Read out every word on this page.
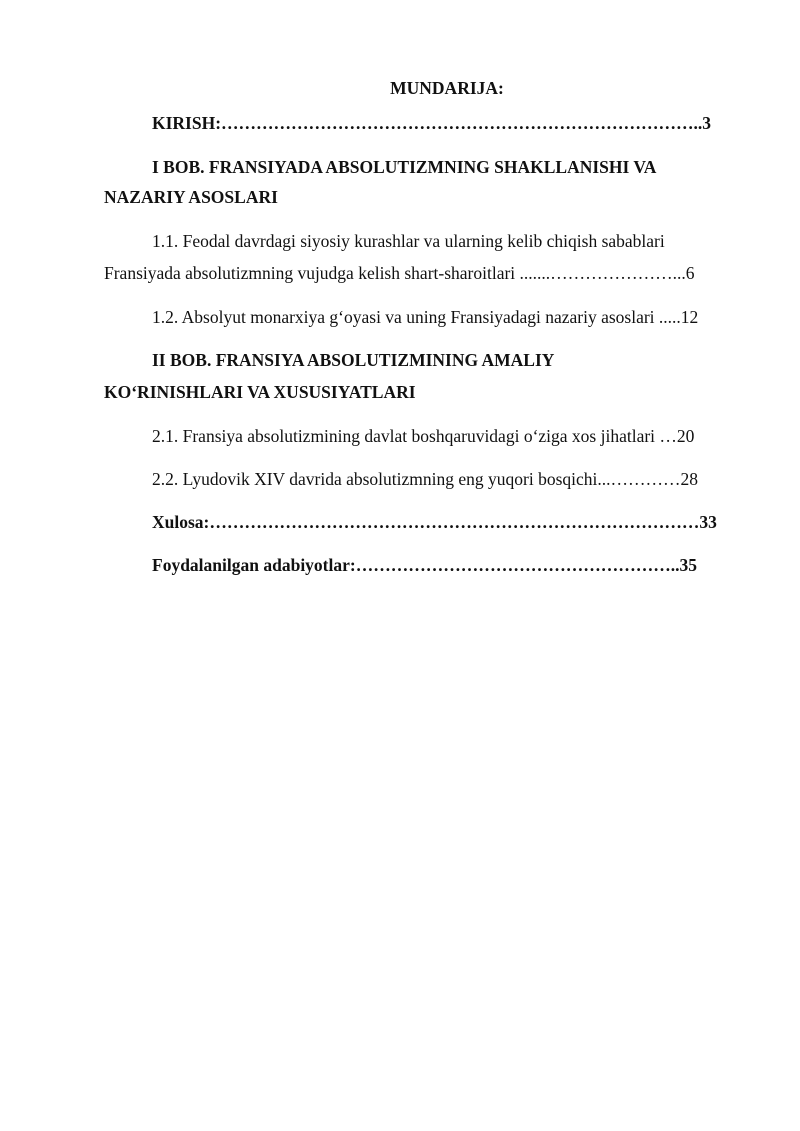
MUNDARIJA:
KIRISH:………………………………………………………………………..3
I BOB. FRANSIYADA ABSOLUTIZMNING SHAKLLANISHI VA
NAZARIY ASOSLARI
1.1. Feodal davrdagi siyosiy kurashlar va ularning kelib chiqish sabablari
Fransiyada absolutizmning vujudga kelish shart-sharoitlari .......…………………...6
1.2. Absolyut monarxiya g‘oyasi va uning Fransiyadagi nazariy asoslari .....12
II BOB. FRANSIYA ABSOLUTIZMINING AMALIY
KO‘RINISHLARI VA XUSUSIYATLARI
2.1. Fransiya absolutizmining davlat boshqaruvidagi o‘ziga xos jihatlari …20
2.2. Lyudovik XIV davrida absolutizmning eng yuqori bosqichi...…………28
Xulosa:…………………………………………………………………………33
Foydalanilgan adabiyotlar:………………………………………………..35
